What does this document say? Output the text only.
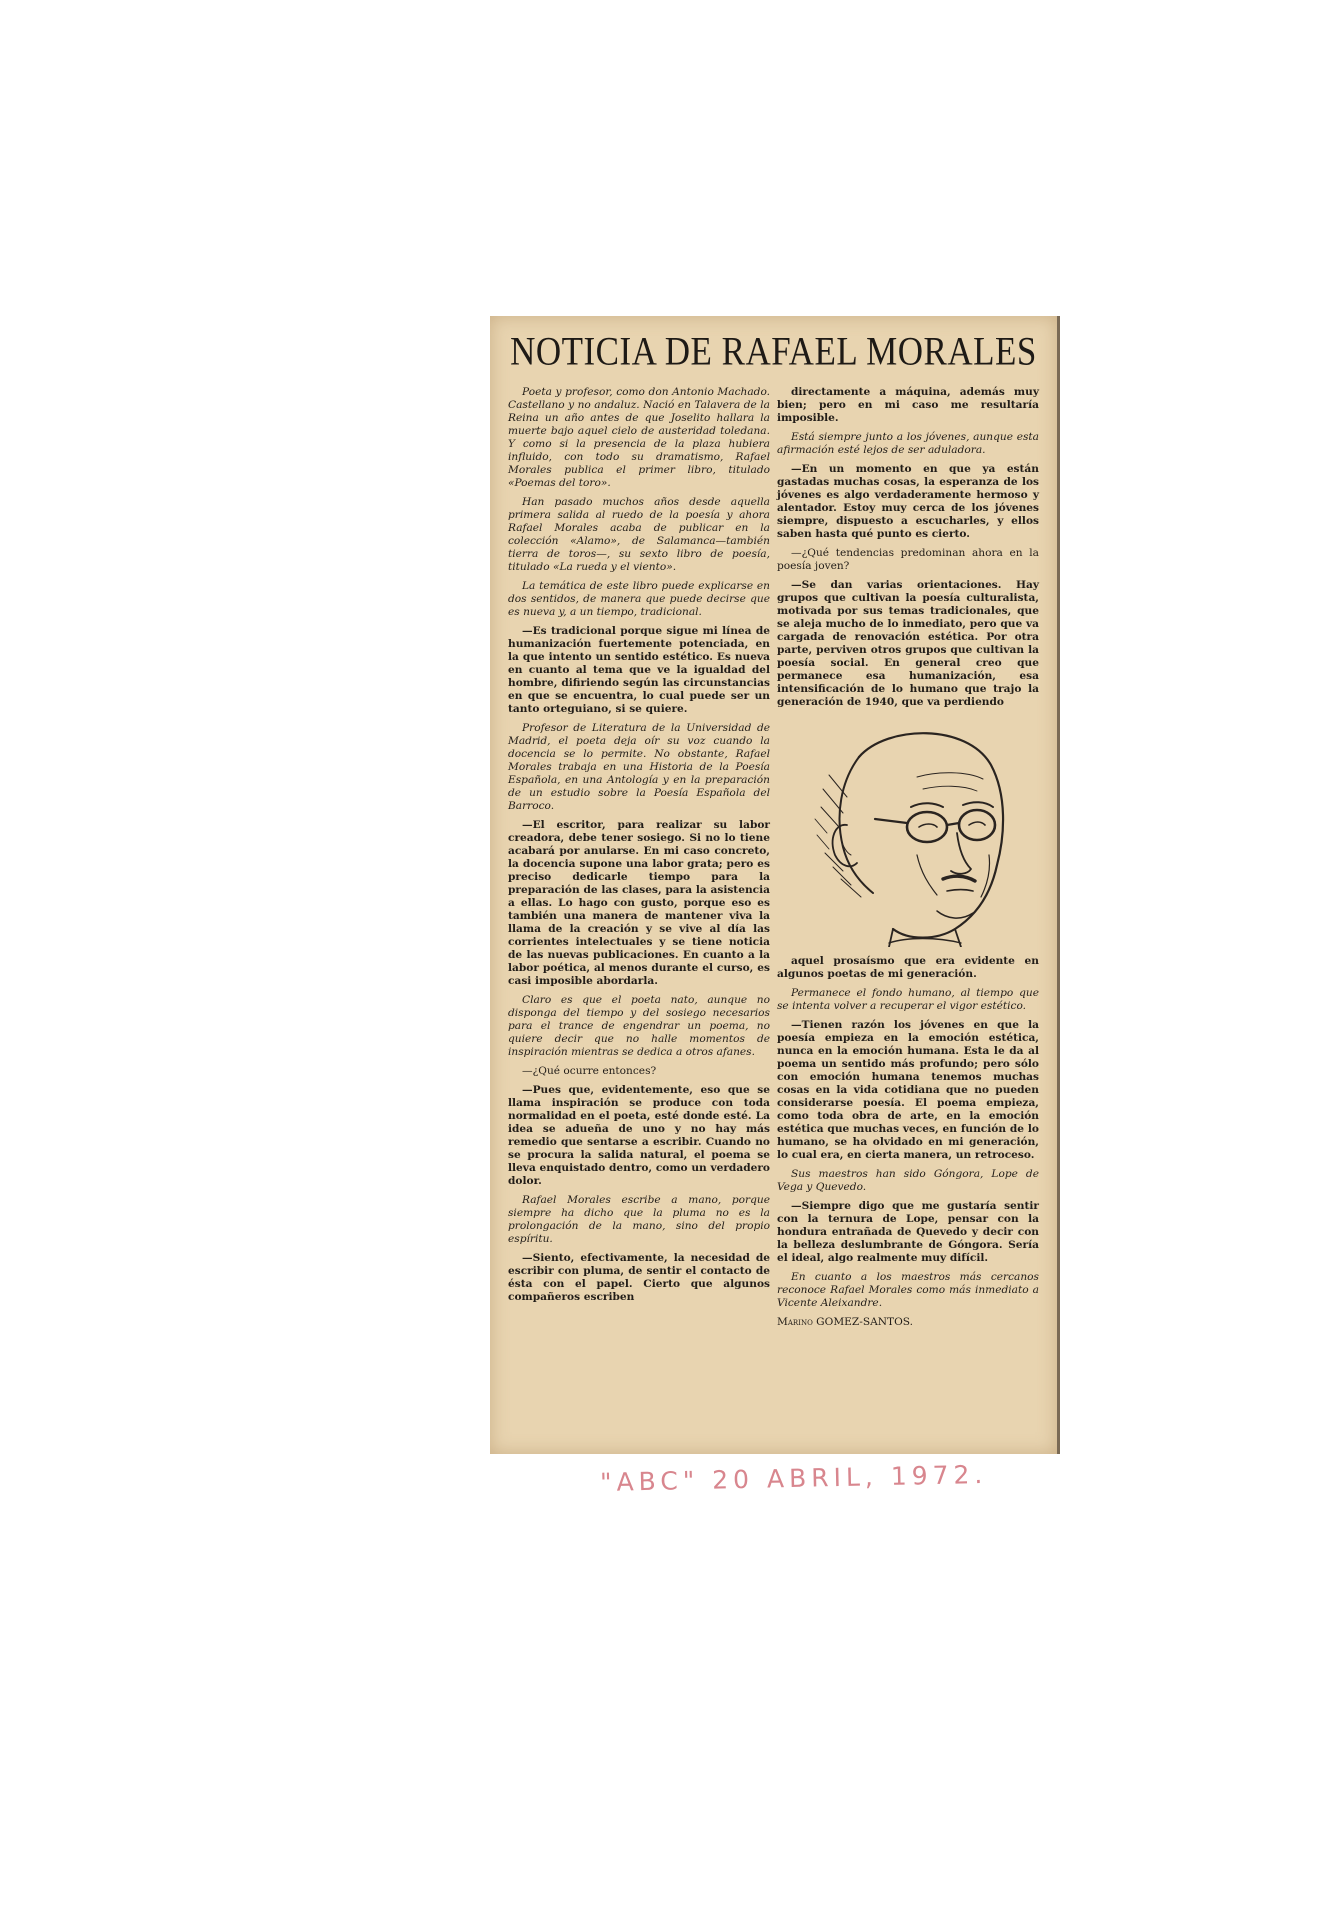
NOTICIA DE RAFAEL MORALES

Poeta y profesor, como don Antonio Machado. Castellano y no andaluz. Nació en Talavera de la Reina un año antes de que Joselito hallara la muerte bajo aquel cielo de austeridad toledana. Y como si la presencia de la plaza hubiera influido, con todo su dramatismo, Rafael Morales publica el primer libro, titulado «Poemas del toro».

Han pasado muchos años desde aquella primera salida al ruedo de la poesía y ahora Rafael Morales acaba de publicar en la colección «Alamo», de Salamanca—también tierra de toros—, su sexto libro de poesía, titulado «La rueda y el viento».

La temática de este libro puede explicarse en dos sentidos, de manera que puede decirse que es nueva y, a un tiempo, tradicional.

—Es tradicional porque sigue mi línea de humanización fuertemente potenciada, en la que intento un sentido estético. Es nueva en cuanto al tema que ve la igualdad del hombre, difiriendo según las circunstancias en que se encuentra, lo cual puede ser un tanto orteguiano, si se quiere.

Profesor de Literatura de la Universidad de Madrid, el poeta deja oír su voz cuando la docencia se lo permite. No obstante, Rafael Morales trabaja en una Historia de la Poesía Española, en una Antología y en la preparación de un estudio sobre la Poesía Española del Barroco.

—El escritor, para realizar su labor creadora, debe tener sosiego. Si no lo tiene acabará por anularse. En mi caso concreto, la docencia supone una labor grata; pero es preciso dedicarle tiempo para la preparación de las clases, para la asistencia a ellas. Lo hago con gusto, porque eso es también una manera de mantener viva la llama de la creación y se vive al día las corrientes intelectuales y se tiene noticia de las nuevas publicaciones. En cuanto a la labor poética, al menos durante el curso, es casi imposible abordarla.

Claro es que el poeta nato, aunque no disponga del tiempo y del sosiego necesarios para el trance de engendrar un poema, no quiere decir que no halle momentos de inspiración mientras se dedica a otros afanes.

—¿Qué ocurre entonces?

—Pues que, evidentemente, eso que se llama inspiración se produce con toda normalidad en el poeta, esté donde esté. La idea se adueña de uno y no hay más remedio que sentarse a escribir. Cuando no se procura la salida natural, el poema se lleva enquistado dentro, como un verdadero dolor.

Rafael Morales escribe a mano, porque siempre ha dicho que la pluma no es la prolongación de la mano, sino del propio espíritu.

—Siento, efectivamente, la necesidad de escribir con pluma, de sentir el contacto de ésta con el papel. Cierto que algunos compañeros escriben

directamente a máquina, además muy bien; pero en mi caso me resultaría imposible.

Está siempre junto a los jóvenes, aunque esta afirmación esté lejos de ser aduladora.

—En un momento en que ya están gastadas muchas cosas, la esperanza de los jóvenes es algo verdaderamente hermoso y alentador. Estoy muy cerca de los jóvenes siempre, dispuesto a escucharles, y ellos saben hasta qué punto es cierto.

—¿Qué tendencias predominan ahora en la poesía joven?

—Se dan varias orientaciones. Hay grupos que cultivan la poesía culturalista, motivada por sus temas tradicionales, que se aleja mucho de lo inmediato, pero que va cargada de renovación estética. Por otra parte, perviven otros grupos que cultivan la poesía social. En general creo que permanece esa humanización, esa intensificación de lo humano que trajo la generación de 1940, que va perdiendo

aquel prosaísmo que era evidente en algunos poetas de mi generación.

Permanece el fondo humano, al tiempo que se intenta volver a recuperar el vigor estético.

—Tienen razón los jóvenes en que la poesía empieza en la emoción estética, nunca en la emoción humana. Esta le da al poema un sentido más profundo; pero sólo con emoción humana tenemos muchas cosas en la vida cotidiana que no pueden considerarse poesía. El poema empieza, como toda obra de arte, en la emoción estética que muchas veces, en función de lo humano, se ha olvidado en mi generación, lo cual era, en cierta manera, un retroceso.

Sus maestros han sido Góngora, Lope de Vega y Quevedo.

—Siempre digo que me gustaría sentir con la ternura de Lope, pensar con la hondura entrañada de Quevedo y decir con la belleza deslumbrante de Góngora. Sería el ideal, algo realmente muy difícil.

En cuanto a los maestros más cercanos reconoce Rafael Morales como más inmediato a Vicente Aleixandre.

Marino GOMEZ-SANTOS.
"ABC" 20 ABRIL, 1972.
